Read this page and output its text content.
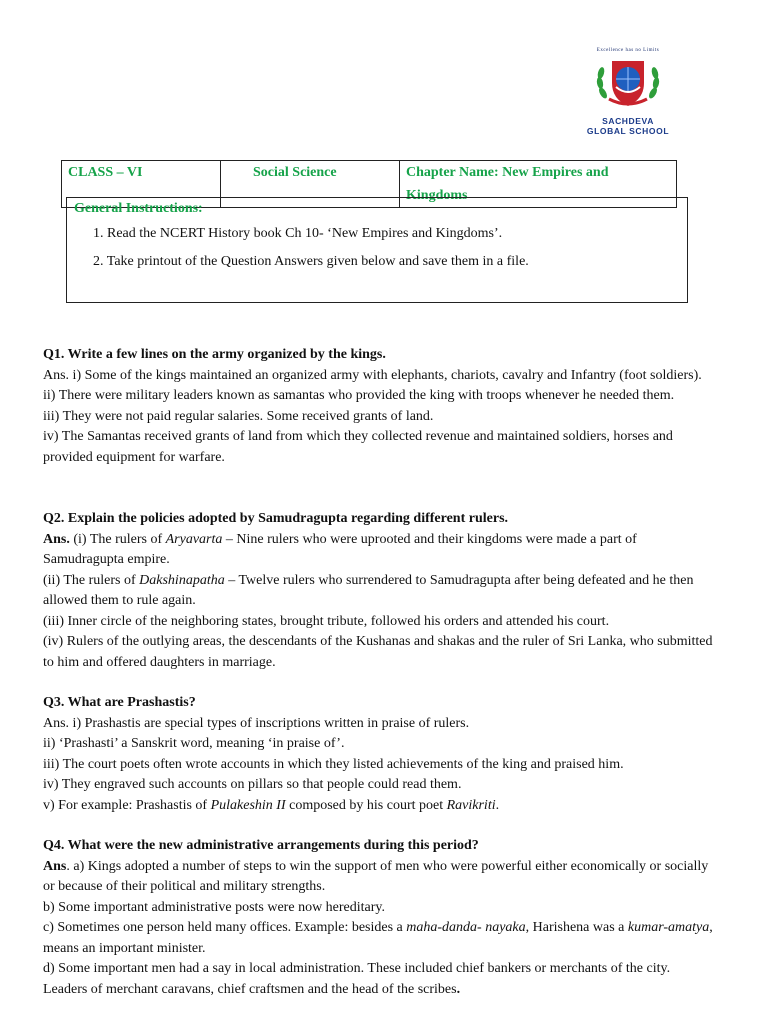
Excellence has no Limits
SACHDEVA
GLOBAL SCHOOL
CLASS – VI	Social Science	Chapter Name: New Empires and Kingdoms
General Instructions:
1. Read the NCERT History book Ch 10- ‘New Empires and Kingdoms’.
2. Take printout of the Question Answers given below and save them in a file.

Q1. Write a few lines on the army organized by the kings.

Ans. i) Some of the kings maintained an organized army with elephants, chariots, cavalry and Infantry (foot soldiers).

ii) There were military leaders known as samantas who provided the king with troops whenever he needed them.

iii) They were not paid regular salaries. Some received grants of land.

iv) The Samantas received grants of land from which they collected revenue and maintained soldiers, horses and provided equipment for warfare.

Q2. Explain the policies adopted by Samudragupta regarding different rulers.

Ans. (i) The rulers of Aryavarta – Nine rulers who were uprooted and their kingdoms were made a part of Samudragupta empire.

(ii) The rulers of Dakshinapatha – Twelve rulers who surrendered to Samudragupta after being defeated and he then allowed them to rule again.

(iii) Inner circle of the neighboring states, brought tribute, followed his orders and attended his court.

(iv) Rulers of the outlying areas, the descendants of the Kushanas and shakas and the ruler of Sri Lanka, who submitted to him and offered daughters in marriage.

Q3. What are Prashastis?

Ans. i) Prashastis are special types of inscriptions written in praise of rulers.

ii) ‘Prashasti’ a Sanskrit word, meaning ‘in praise of’.

iii) The court poets often wrote accounts in which they listed achievements of the king and praised him.

iv) They engraved such accounts on pillars so that people could read them.

v) For example: Prashastis of Pulakeshin II composed by his court poet Ravikriti.

Q4. What were the new administrative arrangements during this period?

Ans. a) Kings adopted a number of steps to win the support of men who were powerful either economically or socially or because of their political and military strengths.

b) Some important administrative posts were now hereditary.

c) Sometimes one person held many offices. Example: besides a maha-danda- nayaka, Harishena was a kumar-amatya, means an important minister.

d) Some important men had a say in local administration. These included chief bankers or merchants of the city. Leaders of merchant caravans, chief craftsmen and the head of the scribes.
